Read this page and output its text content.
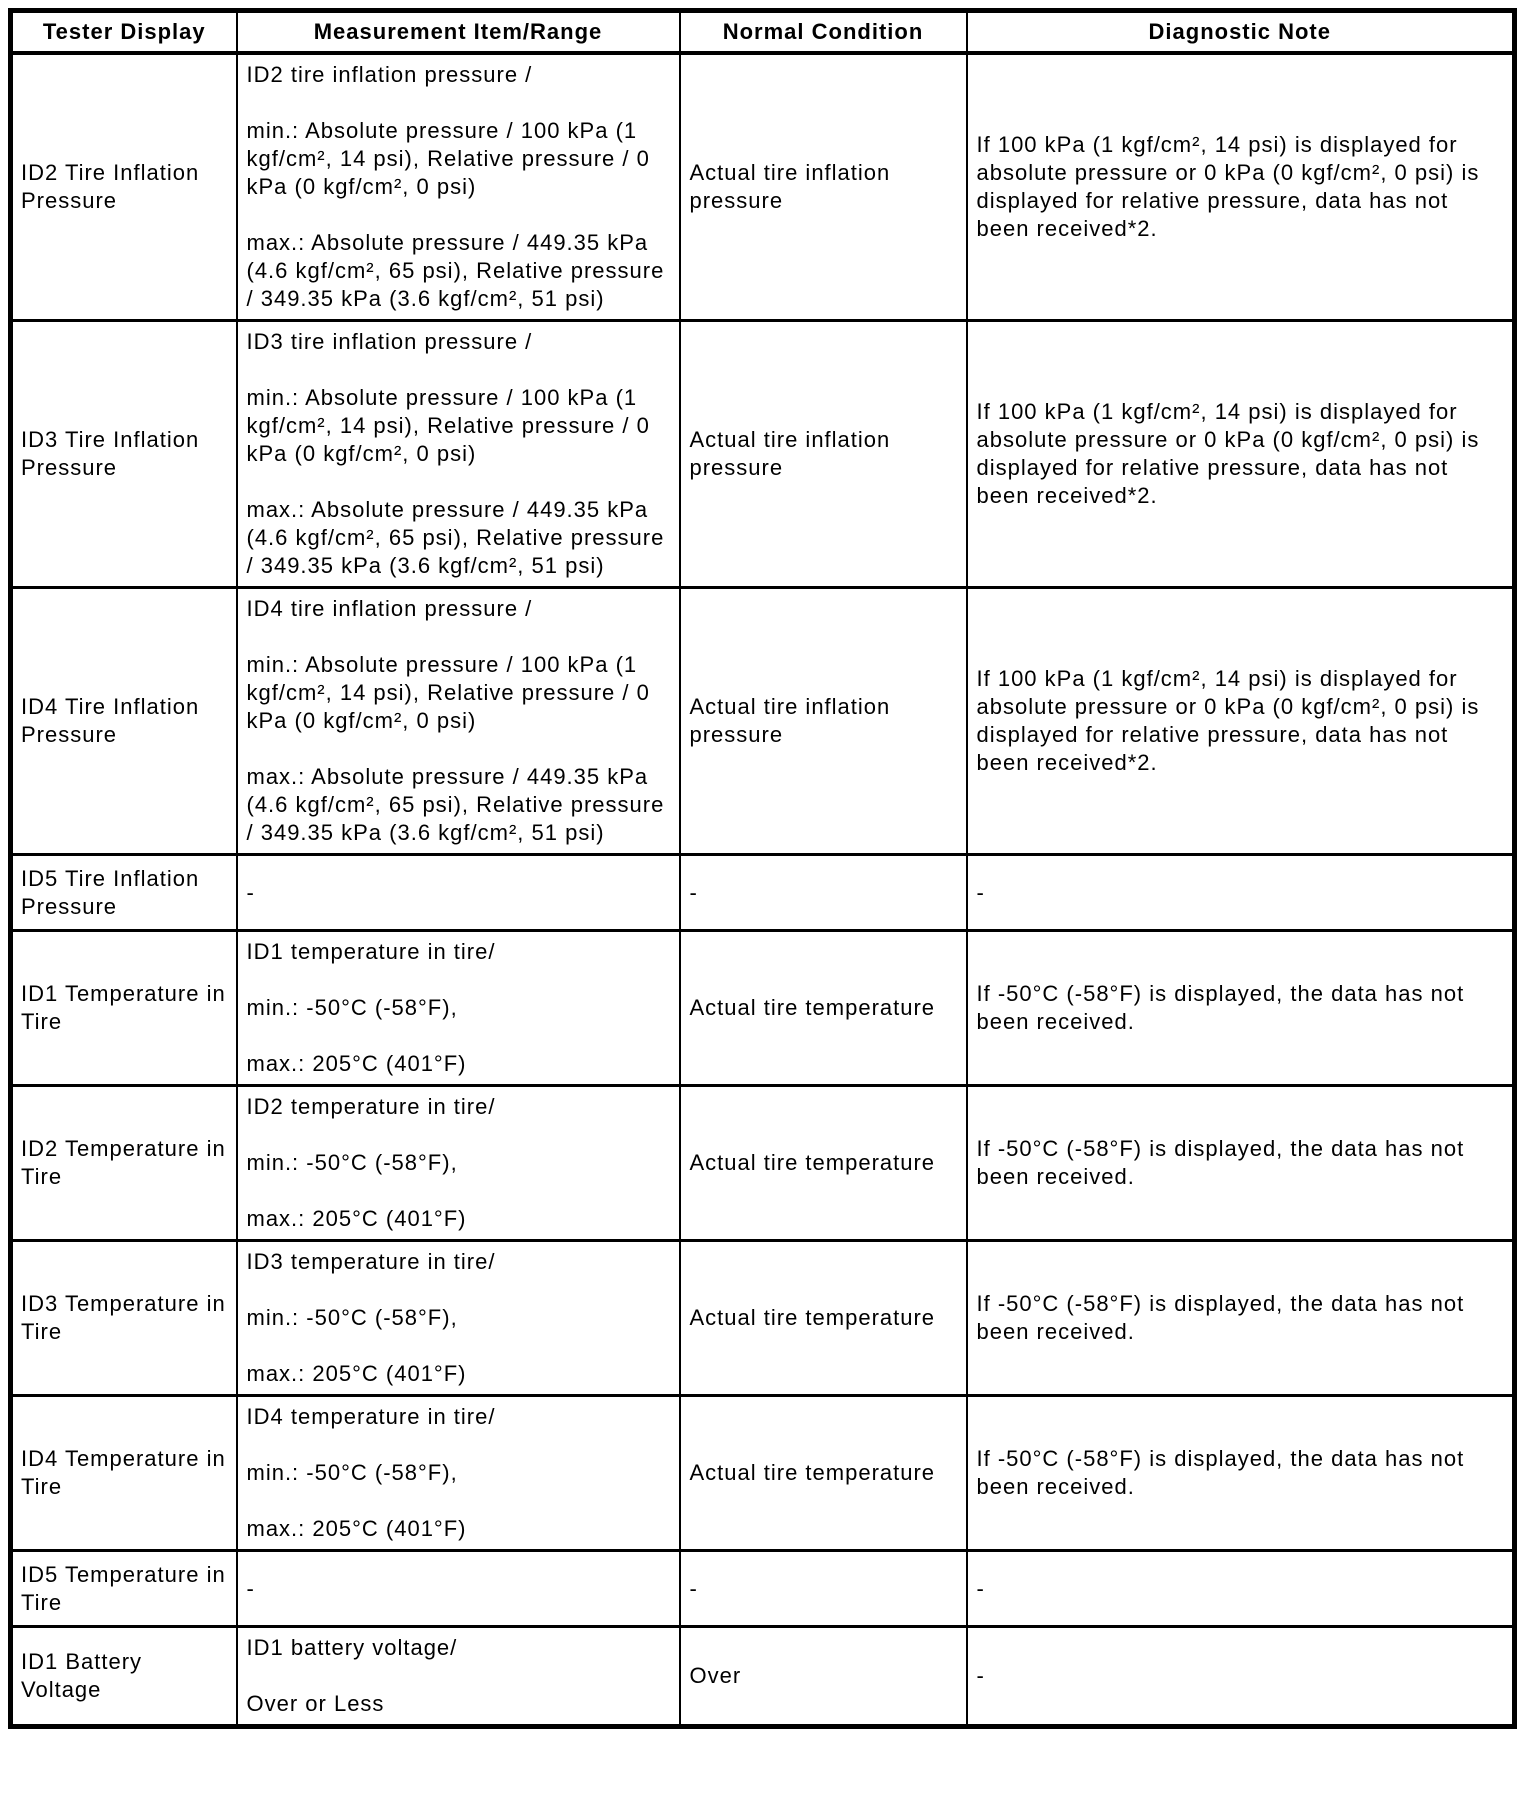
Tester Display	Measurement Item/Range	Normal Condition	Diagnostic Note
ID2 Tire Inflation Pressure	ID2 tire inflation pressure /

min.: Absolute pressure / 100 kPa (1 kgf/cm², 14 psi), Relative pressure / 0 kPa (0 kgf/cm², 0 psi)

max.: Absolute pressure / 449.35 kPa (4.6 kgf/cm², 65 psi), Relative pressure / 349.35 kPa (3.6 kgf/cm², 51 psi)	Actual tire inflation pressure	If 100 kPa (1 kgf/cm², 14 psi) is displayed for absolute pressure or 0 kPa (0 kgf/cm², 0 psi) is displayed for relative pressure, data has not been received*2.
ID3 Tire Inflation Pressure	ID3 tire inflation pressure /

min.: Absolute pressure / 100 kPa (1 kgf/cm², 14 psi), Relative pressure / 0 kPa (0 kgf/cm², 0 psi)

max.: Absolute pressure / 449.35 kPa (4.6 kgf/cm², 65 psi), Relative pressure / 349.35 kPa (3.6 kgf/cm², 51 psi)	Actual tire inflation pressure	If 100 kPa (1 kgf/cm², 14 psi) is displayed for absolute pressure or 0 kPa (0 kgf/cm², 0 psi) is displayed for relative pressure, data has not been received*2.
ID4 Tire Inflation Pressure	ID4 tire inflation pressure /

min.: Absolute pressure / 100 kPa (1 kgf/cm², 14 psi), Relative pressure / 0 kPa (0 kgf/cm², 0 psi)

max.: Absolute pressure / 449.35 kPa (4.6 kgf/cm², 65 psi), Relative pressure / 349.35 kPa (3.6 kgf/cm², 51 psi)	Actual tire inflation pressure	If 100 kPa (1 kgf/cm², 14 psi) is displayed for absolute pressure or 0 kPa (0 kgf/cm², 0 psi) is displayed for relative pressure, data has not been received*2.
ID5 Tire Inflation Pressure	-	-	-
ID1 Temperature in Tire	ID1 temperature in tire/

min.: -50°C (-58°F),

max.: 205°C (401°F)	Actual tire temperature	If -50°C (-58°F) is displayed, the data has not been received.
ID2 Temperature in Tire	ID2 temperature in tire/

min.: -50°C (-58°F),

max.: 205°C (401°F)	Actual tire temperature	If -50°C (-58°F) is displayed, the data has not been received.
ID3 Temperature in Tire	ID3 temperature in tire/

min.: -50°C (-58°F),

max.: 205°C (401°F)	Actual tire temperature	If -50°C (-58°F) is displayed, the data has not been received.
ID4 Temperature in Tire	ID4 temperature in tire/

min.: -50°C (-58°F),

max.: 205°C (401°F)	Actual tire temperature	If -50°C (-58°F) is displayed, the data has not been received.
ID5 Temperature in Tire	-	-	-
ID1 Battery Voltage	ID1 battery voltage/

Over or Less	Over	-
